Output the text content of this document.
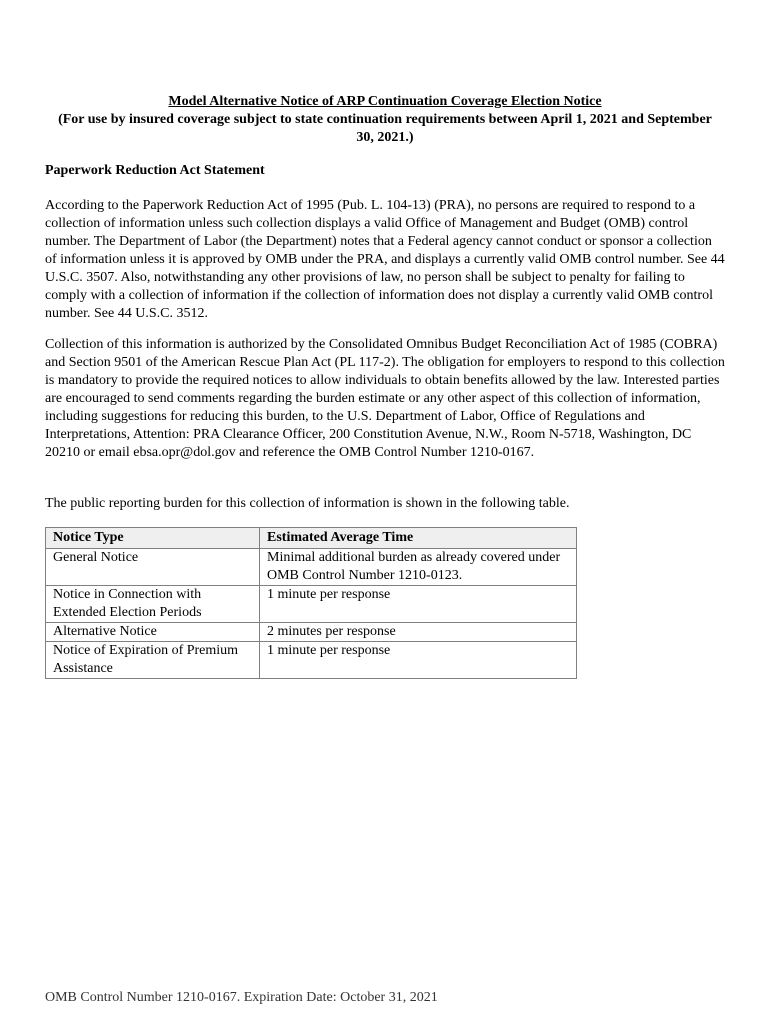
Model Alternative Notice of ARP Continuation Coverage Election Notice
(For use by insured coverage subject to state continuation requirements between April 1, 2021 and September 30, 2021.)
Paperwork Reduction Act Statement

According to the Paperwork Reduction Act of 1995 (Pub. L. 104-13) (PRA), no persons are required to respond to a collection of information unless such collection displays a valid Office of Management and Budget (OMB) control number. The Department of Labor (the Department) notes that a Federal agency cannot conduct or sponsor a collection of information unless it is approved by OMB under the PRA, and displays a currently valid OMB control number. See 44 U.S.C. 3507. Also, notwithstanding any other provisions of law, no person shall be subject to penalty for failing to comply with a collection of information if the collection of information does not display a currently valid OMB control number. See 44 U.S.C. 3512.

Collection of this information is authorized by the Consolidated Omnibus Budget Reconciliation Act of 1985 (COBRA) and Section 9501 of the American Rescue Plan Act (PL 117-2). The obligation for employers to respond to this collection is mandatory to provide the required notices to allow individuals to obtain benefits allowed by the law. Interested parties are encouraged to send comments regarding the burden estimate or any other aspect of this collection of information, including suggestions for reducing this burden, to the U.S. Department of Labor, Office of Regulations and Interpretations, Attention: PRA Clearance Officer, 200 Constitution Avenue, N.W., Room N-5718, Washington, DC 20210 or email ebsa.opr@dol.gov and reference the OMB Control Number 1210-0167.

The public reporting burden for this collection of information is shown in the following table.

Notice Type	Estimated Average Time
General Notice	Minimal additional burden as already covered under OMB Control Number 1210-0123.
Notice in Connection with Extended Election Periods	1 minute per response
Alternative Notice	2 minutes per response
Notice of Expiration of Premium Assistance	1 minute per response
OMB Control Number 1210-0167. Expiration Date: October 31, 2021
